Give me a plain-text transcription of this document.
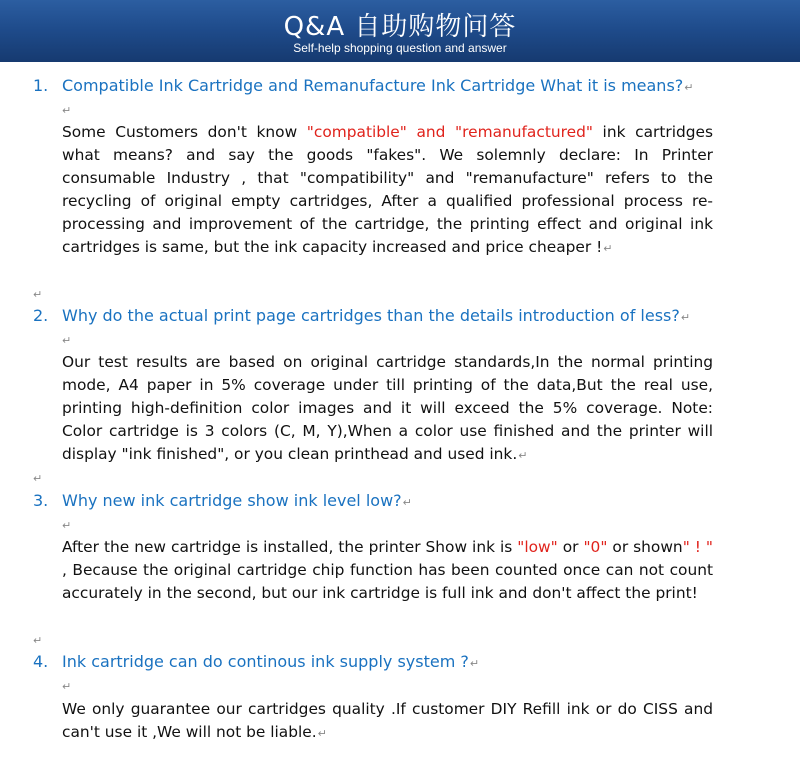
Q&A 自助购物问答
Self-help shopping question and answer
1. Compatible Ink Cartridge and Remanufacture Ink Cartridge What it is means?↵
↵
Some Customers don't know "compatible" and "remanufactured" ink cartridges what means? and say the goods "fakes". We solemnly declare: In Printer consumable Industry , that "compatibility" and "remanufacture" refers to the recycling of original empty cartridges, After a qualified professional process re-processing and improvement of the cartridge, the printing effect and original ink cartridges is same, but the ink capacity increased and price cheaper !↵
↵
2. Why do the actual print page cartridges than the details introduction of less?↵
↵
Our test results are based on original cartridge standards,In the normal printing mode, A4 paper in 5% coverage under till printing of the data,But the real use, printing high-definition color images and it will exceed the 5% coverage. Note: Color cartridge is 3 colors (C, M, Y),When a color use finished and the printer will display "ink finished", or you clean printhead and used ink.↵
↵
3. Why new ink cartridge show ink level low?↵
↵
After the new cartridge is installed, the printer Show ink is "low" or "0" or shown" ! " , Because the original cartridge chip function has been counted once can not count accurately in the second, but our ink cartridge is full ink and don't affect the print!
↵
4. Ink cartridge can do continous ink supply system ?↵
↵
We only guarantee our cartridges quality .If customer DIY Refill ink or do CISS and can't use it ,We will not be liable.↵
